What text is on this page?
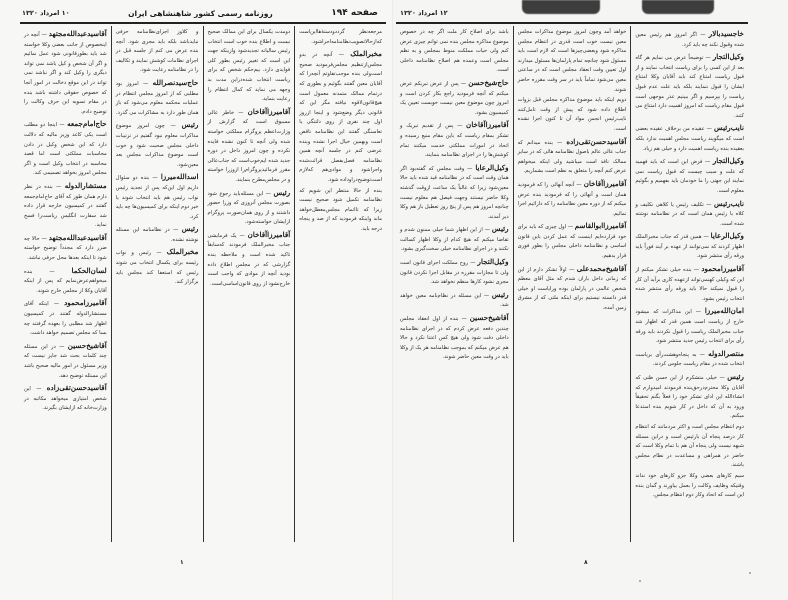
۱۰ امرداد ۱۳۲۰	روزنامه رسمی کشور شاهنشاهی ایران	صفحه ۱۹۴

مرجعه‌نظر گرددودستهٔ‌ها‌این‌است که‌از‌حالا‌تصویب‌نظامنامه‌اجرا‌شود.

مخبرالملک — آنچه در بدو مجلس‌از‌تنظیم مجلس‌فرمودید صحیح است‌ولی بنده موجب‌تفاوتم آنچه‌را که آقایان معین گفتند بگوئیم و بطوری که در‌تمام ممالک متمدنه معمول است هیچ‌قانون‌لاقوه نیافته مگر این که قانونی دیگر وضع‌شود و اینجا از‌روز اول چند نفری از روی دلتنگی یا تعاسنگی گفتند این نظامنامه ناقص است وبهمین خیال اجرا نشده وبنده عرضی کنم در جلسه آنچه همین نظامنامه فصل‌بفصل قرائت‌شده واجرا‌شود و موادی‌هم که‌لازم است‌توضیح‌در‌او‌داده شود.

بنده از حالا منتظر این شویم که نظامنامه تکمیل شود صحیح نیست زیرا که تا‌اتمام مجلس‌معطل‌خواهد ماند واینکه فرمودید که از صد و پنجاه درجه باید.

دومدت یکسال برای این ممالک صحیح نیست و اطلاع بنده خوب است انتخاب رئیس سالیانه تجدید‌شود وازینکه جهت این است که تغییر رئیس بطور کلی فوایدی دارد. بیم‌حکم شخص که برای ریاست انتخاب شده‌در‌این مدت بد وجهه می نماید که کمال انتظام را رعایت بنماید.

آقامیرزاآقاخان — خاطر عالی مسبوق است که گزارش از وزارت‌اعظم پروگرام مملکتی خواسته شده ولی آنچه تا کنون نشده فایده نکرده و چون امروز داخل در دوره جدید شده ایم‌خوب‌است که جناب‌عالی مقرر فرمائید‌پروگرام‌را از‌وزرا خواسته و در مجلس‌مطرح بنمایند.

رئیس — این مسئله‌باید رجوع شود بصورت مجلس آنروزی که وزرا حضور داشتند و از روی همان‌صورت پروگرام ازایشان خواسته‌شود.

آقامیرزاآقاخان — یک فرمایشی جناب مخبرالملک فرمودند که‌سابقاً تاکید شده است و ملاحظه بنده گزارشی که در مجلس اطلاع داده بودید آنچه از موادی که واجب است خارج‌نشود از روی قانون‌اساسی‌است.

و کلاوز اجرای‌نظامنامه حرفی نباید‌باشد بلکه باید مجری شود. آنچه بنده عرض می کنم از جلسه قبل در اجرای نظامات کوشش نمایند و تکالیف را در نظامنامه رعایت شود.

حاج‌سیدنصرالله — امروز بود مطلبی که از امروز مجلس‌ انتظام در عملیات محکمه معلوم می‌شود که باز همان طور دارد به مشاکرات می گذرد.

رئیس — چون امروز موضوع مذاکرات معلوم نبود گفتیم در ترتیبات داخلی مجلس صحبت شود و خوب است موضوع مذاکرات مجلس بعد معین‌شود.

اسدالله‌میرزا — بنده دو سئوال داریم اول این‌که پس از تجدید رئیس نواب رئیس هم باید انتخاب شوند یا خیر دوم اینکه برای کمیسیون‌ها چه باید کرد.

رئیس — در نظامنامه‌ این مسئله نوشته نشده.

مخبرالملک — رئیس و نواب رئیسه برای یکسال انتخاب می شوند رئیس که استعفا کند مجلس باید برگزار کند.

آقاسیدعبدالله‌مجتهد — آنچه در اینخصوص از جانب بعضی وکلا خواسته شد باید بطورقانونی‌ شود عمل نمائیم و اگر آن شخص و کیل باشد نمی تواند دیگری را وکیل کند و اگر نباشد نمی تواند در این موقع دخالت در امور آنجا که خصوص حقوقی داشته باشد بنده در مقام تسویه این حرف وکالت را توضیح دادم.

حاج‌امام‌جمعه — اینجا دو مطلب است یکی کاغذ وزیر مالیه که دلالت دارد که این شخص وکیل در دادن محاسبات مملکتی است اما قصد محاسبه در انتخاب وکیل است و اگر مجلس‌ امروز بخواهد تصمیمی کند.

مستشارالدوله — بنده در نظر دارم همان طور که آقای حاج‌امام‌جمعه گفتند در کمیسیون خارجه قرار داده شد سفارت انگلیس ریاست‌را فسخ نماید.

آقاسیدعبدالله‌مجتهد — حالا چه ضرر دارد که مجدداً توضیح خواسته شود تا اینکه بعدها محل حرفی نباشد.

لسان‌الحکما — بنده‌ میخواهم‌عرض‌نمایم‌ که پس از اینکه آقایان وکلا از مجلس خارج شوند.

آقامیرزامحمود — اینکه آقای مستشارالدوله گفتند در کمیسیون اظهار شد مطلبی را بعهده گرفتند چه بسا که مجلس تصمیم خواهد داشت.

آقاشیخ‌حسین — در این مسئله چند کلمات بحث شد جایز نیست که وزیر مسئول در امور مالیه صحیح باشد این مسئله توضیح دهد.

آقاسیدحسن‌تقی‌زاده — این شخص‌ امتیازی میخواهد مکاتبه در وزارت‌خانه که ازایشان بگیرند.

۱
۱۲ امرداد ۱۳۲۰

خاجسیدبالار — اگر امروز هم رئیس معین شده وقبول نکند چه باید کرد.

وکیل‌التجار — توضیحاً عرض می نمایم هر گاه بعد از این کسی را برای ریاست انتخاب نمایند و از قبول ریاست امتناع کند باید آقایان وکلا امتناع ایشان را قبول ننمایند بلکه باید علت عدم قبول ریاست را بپرسیم و اگر ببینیم عذر موجهی است قبول مقام ریاست که امروز اهمیت دارد امتناع می کنند.

نایب‌رئیس — عقیده من برخلاف عقیده بعضی است که میگویند ریاست مجلس اهمیت ندارد بلکه بعقیده بنده ریاست اهمیت دارد و خیلی هم زیاد.

وکیل‌التجار — فرض این است که باید فهمید که علت و سبب چیست که قبول ریاست نمی نمایند این جهتی را ما خودمان باید بفهمیم و بگوئیم معلوم است.

نایب‌رئیس — تکلیف رئیس یا کلاهی نکلیف و کلاه با رئیس همان است که در نظامنامه نوشته شده است.

وکیل‌الرعایا — همین قدر که جناب مخبرالملک اظهار کردند که نمی‌توانند از عهده بر آیند فوراً باید ورقه رأی منتشر شود.

آقامیرزامحمود — بنده خیلی تشکر میکنم از این که وکیلی کهنمی‌تواند ازعهده کاری برآید آن کار را قبول نمیکند حالا باید ورقه رأی منتشر شده انتخاب رئیس بشود.

امان‌الله‌میرزا — این مذاکرات که میشود خارج از ریاست است همین قدر که اظهار شد جناب مخبرالملک ریاست را قبول نکردند باید ورقه رأی برای انتخاب رئیس جدید منتشر شود.

منتصرالدوله — به پنجاه‌وهشت‌رأی بریاست انتخاب شده در مقام ریاست جلوس کردند.

رئیس — خیلی متشکرم از این حسن ظنی که آقایان وکلا محترم‌درحق‌بنده فرمودند امیدوارم که انشاءالله این ادای تشکر خود را فعلاً بگنم تحقیقاً ورود به آن که داخل در کار شویم بنده استدعا میکنم.

دوم انتظام مجلس است و اکثر مردمانند که انتظام کار درصد پنجاه آن بارئیس است و دراین مسئله شبهه نیست ولی پنجاه آن هم با تمام وکلا است که حاضر در همراهی و مساعدت در نظام مجلس باشند.

سیم کارهای بعضی وکلا جزو کارهای خود نداند وقتیکه وظایف وکالت را بعمل بیاورند و گمان بنده این است که اتحاد وکار دوم انتظام مجلس.

خواهد آمد وچون امروز موضوع مذاکرات مجلس معین نیست خوب است قدری در انتظام مجلس مذاکره شود وبعضی‌چیزها است که لازم است باید مسئول شود چنانچه تمام پارلمان‌ها مسئول میدارند اول تعیین وقت انعقاد مجلس است که در ساعتی معین می‌شود تماماً باید در سر وقت مقرره حاضر شوند.

دویم اینکه باید موضوع مذاکره مجلس قبل بزوات اطلاع داده شود که پیش از وقت تامل‌کنند نایب‌رئیس انجمن مواد آن‌ تا کنون اجرا نشده است.

آقاسیدحسن‌تقی‌زاده — بنده میدانم که جناب عالی عالم باصول نظامنامه هائی که در سایر ممالک نافذ است میباشید ولی اینکه میخواهم عرض کنم آنچه را متعلق به نظم است بشماریم.

آقامیرزاآقاخان — آنچه آنهائی را که فرمودید همان است و آنهائی را که فرمودید بنده عرض میکنم که از دوره معین نظامنامه را که دارائیم اجرا‌ نمائیم.

آقامیرزاابوالقاسم — اول چیزی که باید برای خود قرارده‌ایم اینست که عمل کردن باین قانون اساسی و نظامنامه داخلی مجلس را بطور فوری قرار بدهیم.

آقاشیخ‌محمدعلی — اولاً تشکر دارم از این که زمانی داخل باران شدم که مثل آقای معظم شخص عالمی در پارلمان بوده ورایاست او خیلی قدر دانسته نیستیم برای اینکه ملتی که از مشرق زمین آمده.

باشد برای اصلاح کار ملت اگر چه در خصوص موضوع مذاکره مجلس بنده نمی توانم چیزی عرض کنم ولی حیات مملکت منوط بمجلس و به نظم مجلس است وعمده هم اصلاح نظامنامه داخلی است.

حاج‌شیخ‌حسن — پس از عرض تبریکم عرض میکنم که آنچه فرمودید راجع بکار کردن است و امروز چون موضوع معین نیست خوبست تعیین یک کمیسیون بشود.

آقامیرزاآقاخان — پس از تقدیم تبریک و تشکر بمقام ریاست که باین مقام منیع رسیده و اتحاد در امورات مملکتی‌ خدمت میکنند تمام کوشش‌ها را در اجرای نظامنامه بنمایند.

وکیل‌الرعایا — وقت مجلس که گفته‌بود اگر همان وقت است که در نظامنامه قید شده باید حالا معین‌شود زیرا که غالباً یک ساعت ازوقت گذشته وکلا حاضر نیستند وجهت فیصل هم معلوم نیست چنانچه امروز هم پس از پنج روز تعطیل باز هم وکلا دیر آمدند.

رئیس — از این اظهار شما خیلی ممنون شدم و تقاضا میکنم که هیچ کدام از وکلا اظهار کسالت نکنند و در اجرای نظامنامه خیلی سخت‌گیری بشود.

وکیل‌التجار — روح مملکت اجرای قانون است ولی تا مجازات مقرره در مقابل اجرا نکردن قانون مجری نشود کارها منظم نخواهد شد.

رئیس — این مسئله در نظام‌نامه معین خواهد شد.

آقاشیخ‌حسین — بنده از اول انعقاد مجلس چندین دفعه عرض کردم که در اجرای نظامنامه داخلی دقت شود ولی هیچ کس اعتنا نکرد و حالا هم عرض میکنم که بموجب نظامنامه هر یک از وکلا باید در وقت معین حاضر شوند.

۸
